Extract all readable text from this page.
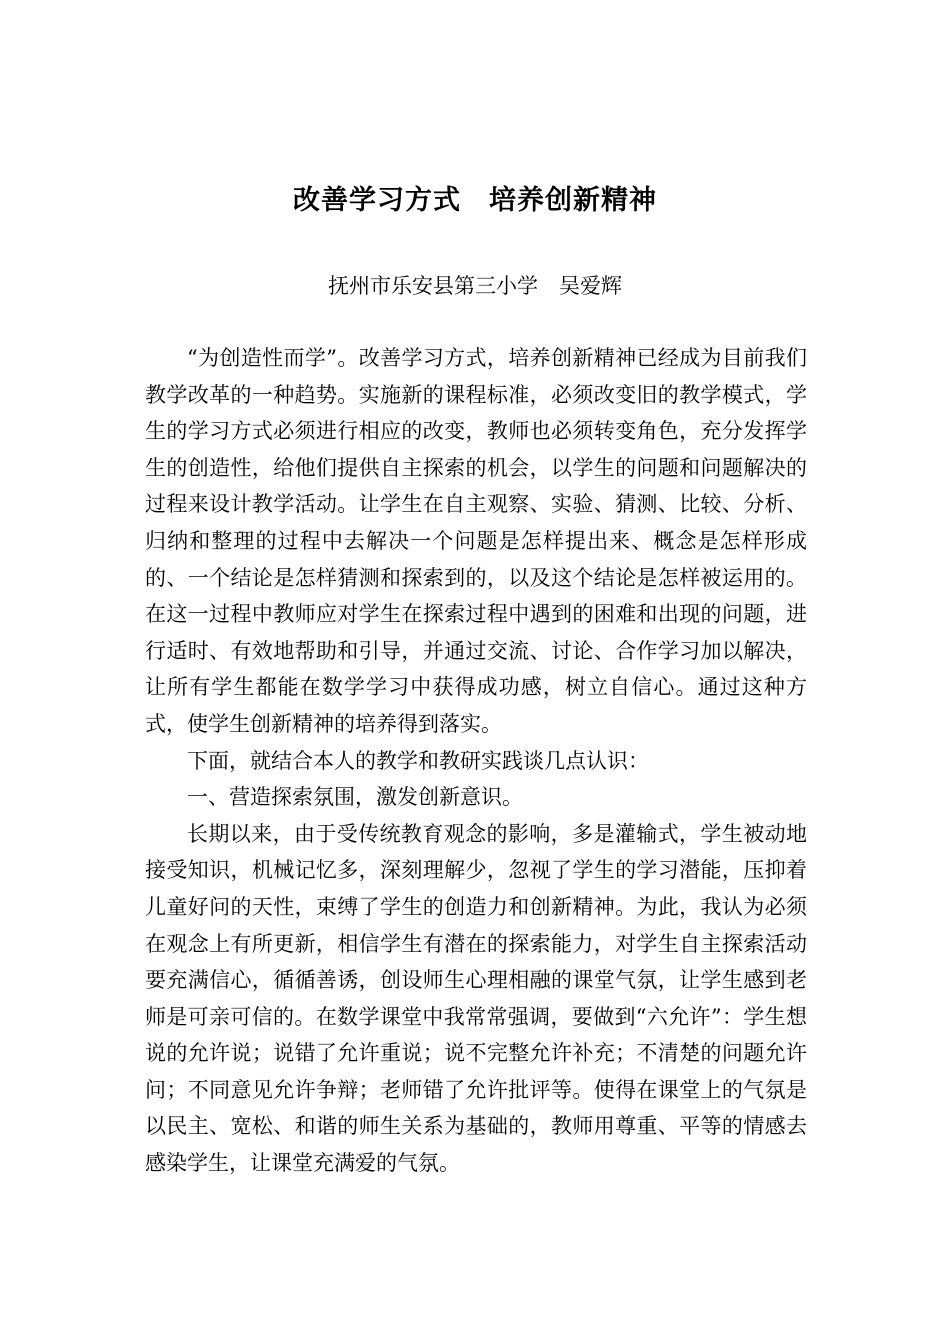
改善学习方式　培养创新精神
抚州市乐安县第三小学　吴爱辉

“为创造性而学”。改善学习方式，培养创新精神已经成为目前我们教学改革的一种趋势。实施新的课程标准，必须改变旧的教学模式，学生的学习方式必须进行相应的改变，教师也必须转变角色，充分发挥学生的创造性，给他们提供自主探索的机会，以学生的问题和问题解决的过程来设计教学活动。让学生在自主观察、实验、猜测、比较、分析、归纳和整理的过程中去解决一个问题是怎样提出来、概念是怎样形成的、一个结论是怎样猜测和探索到的，以及这个结论是怎样被运用的。在这一过程中教师应对学生在探索过程中遇到的困难和出现的问题，进行适时、有效地帮助和引导，并通过交流、讨论、合作学习加以解决，让所有学生都能在数学学习中获得成功感，树立自信心。通过这种方式，使学生创新精神的培养得到落实。

下面，就结合本人的教学和教研实践谈几点认识：

一、营造探索氛围，激发创新意识。

长期以来，由于受传统教育观念的影响，多是灌输式，学生被动地接受知识，机械记忆多，深刻理解少，忽视了学生的学习潜能，压抑着儿童好问的天性，束缚了学生的创造力和创新精神。为此，我认为必须在观念上有所更新，相信学生有潜在的探索能力，对学生自主探索活动要充满信心，循循善诱，创设师生心理相融的课堂气氛，让学生感到老师是可亲可信的。在数学课堂中我常常强调，要做到“六允许”：学生想说的允许说；说错了允许重说；说不完整允许补充；不清楚的问题允许问；不同意见允许争辩；老师错了允许批评等。使得在课堂上的气氛是以民主、宽松、和谐的师生关系为基础的，教师用尊重、平等的情感去感染学生，让课堂充满爱的气氛。
